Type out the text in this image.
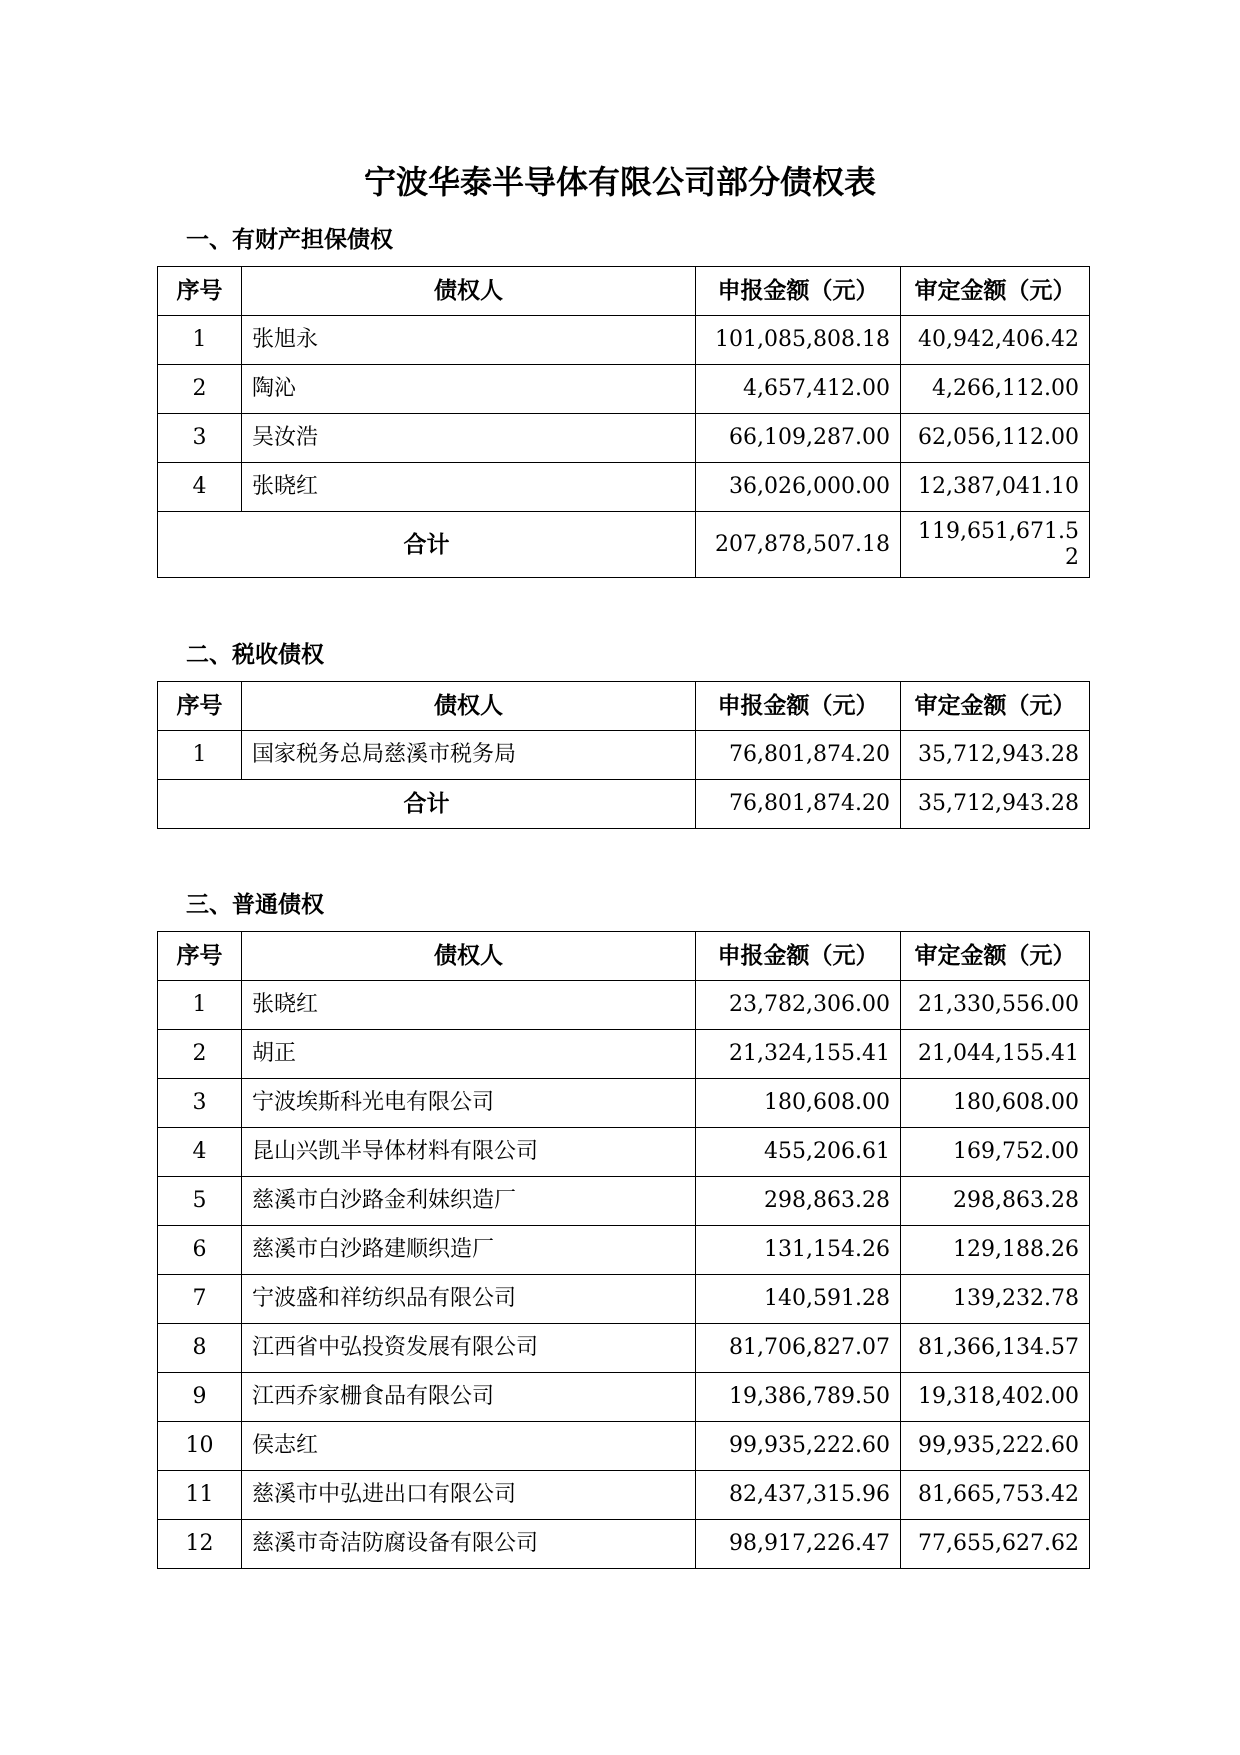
宁波华泰半导体有限公司部分债权表
一、有财产担保债权
序号	债权人	申报金额（元）	审定金额（元）
1	张旭永	101,085,808.18	40,942,406.42
2	陶沁	4,657,412.00	4,266,112.00
3	吴汝浩	66,109,287.00	62,056,112.00
4	张晓红	36,026,000.00	12,387,041.10
合计		207,878,507.18	119,651,671.52
二、税收债权
序号	债权人	申报金额（元）	审定金额（元）
1	国家税务总局慈溪市税务局	76,801,874.20	35,712,943.28
合计		76,801,874.20	35,712,943.28
三、普通债权
序号	债权人	申报金额（元）	审定金额（元）
1	张晓红	23,782,306.00	21,330,556.00
2	胡正	21,324,155.41	21,044,155.41
3	宁波埃斯科光电有限公司	180,608.00	180,608.00
4	昆山兴凯半导体材料有限公司	455,206.61	169,752.00
5	慈溪市白沙路金利妹织造厂	298,863.28	298,863.28
6	慈溪市白沙路建顺织造厂	131,154.26	129,188.26
7	宁波盛和祥纺织品有限公司	140,591.28	139,232.78
8	江西省中弘投资发展有限公司	81,706,827.07	81,366,134.57
9	江西乔家栅食品有限公司	19,386,789.50	19,318,402.00
10	侯志红	99,935,222.60	99,935,222.60
11	慈溪市中弘进出口有限公司	82,437,315.96	81,665,753.42
12	慈溪市奇洁防腐设备有限公司	98,917,226.47	77,655,627.62
